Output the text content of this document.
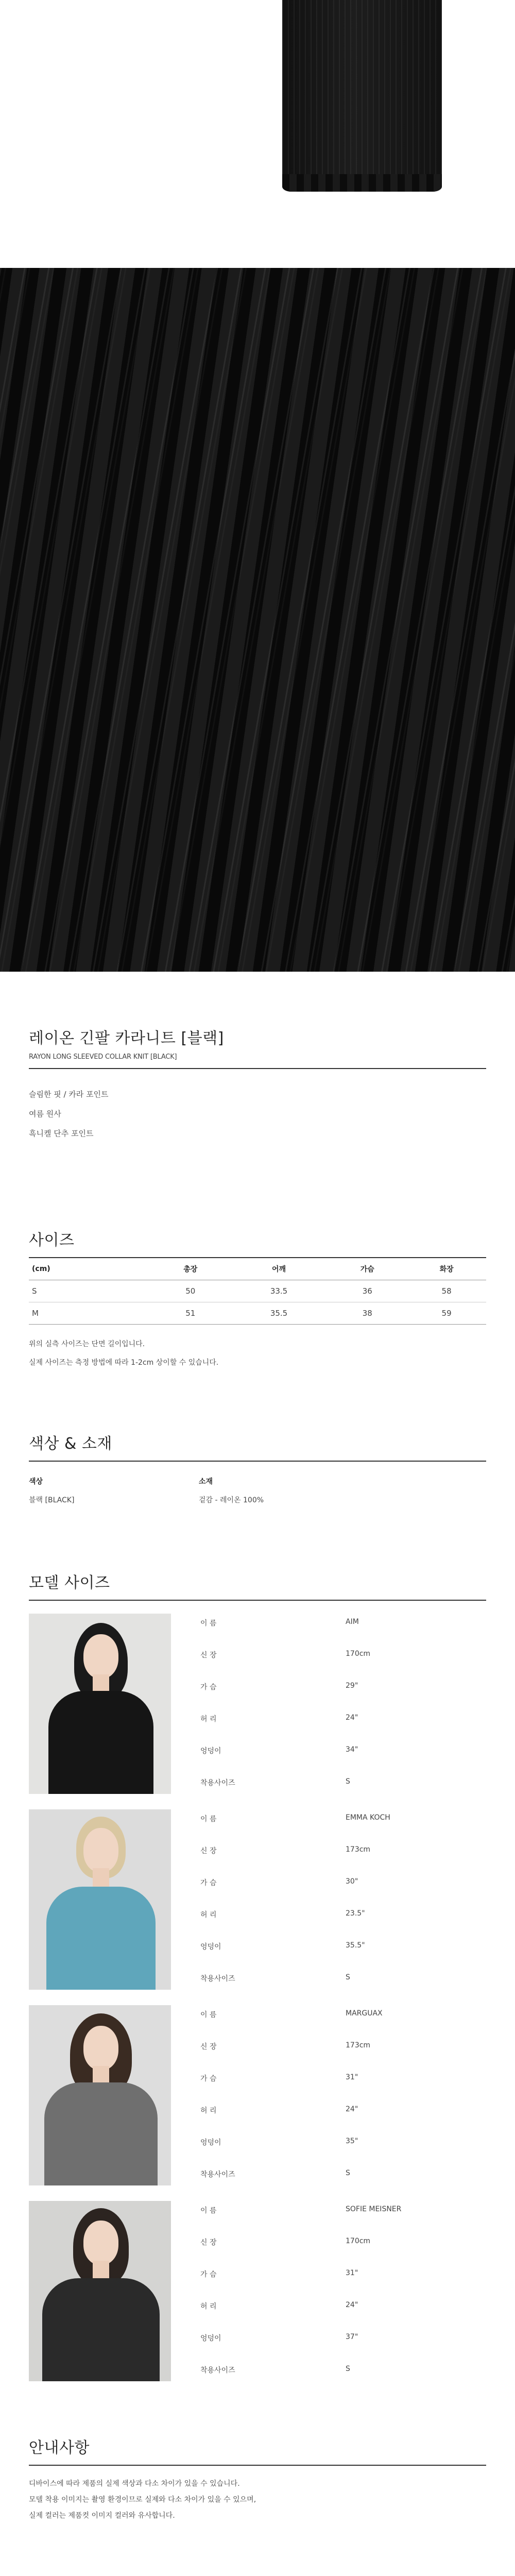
레이온 긴팔 카라니트 [블랙]
RAYON LONG SLEEVED COLLAR KNIT [BLACK]
슬림한 핏 / 카라 포인트
여름 원사
흑니켈 단추 포인트
사이즈
(cm)	총장	어깨	가슴	화장
S	50	33.5	36	58
M	51	35.5	38	59

위의 실측 사이즈는 단면 길이입니다.

실제 사이즈는 측정 방법에 따라 1-2cm 상이할 수 있습니다.

색상 & 소재
색상	소재
블랙 [BLACK]	겉감 - 레이온 100%
모델 사이즈
이 름	AIM
신 장	170cm
가 슴	29"
허 리	24"
엉덩이	34"
착용사이즈	S
이 름	EMMA KOCH
신 장	173cm
가 슴	30"
허 리	23.5"
엉덩이	35.5"
착용사이즈	S
이 름	MARGUAX
신 장	173cm
가 슴	31"
허 리	24"
엉덩이	35"
착용사이즈	S
이 름	SOFIE MEISNER
신 장	170cm
가 슴	31"
허 리	24"
엉덩이	37"
착용사이즈	S
안내사항

디바이스에 따라 제품의 실제 색상과 다소 차이가 있을 수 있습니다.

모델 착용 이미지는 촬영 환경이므로 실제와 다소 차이가 있을 수 있으며,

실제 컬러는 제품컷 이미지 컬러와 유사합니다.
